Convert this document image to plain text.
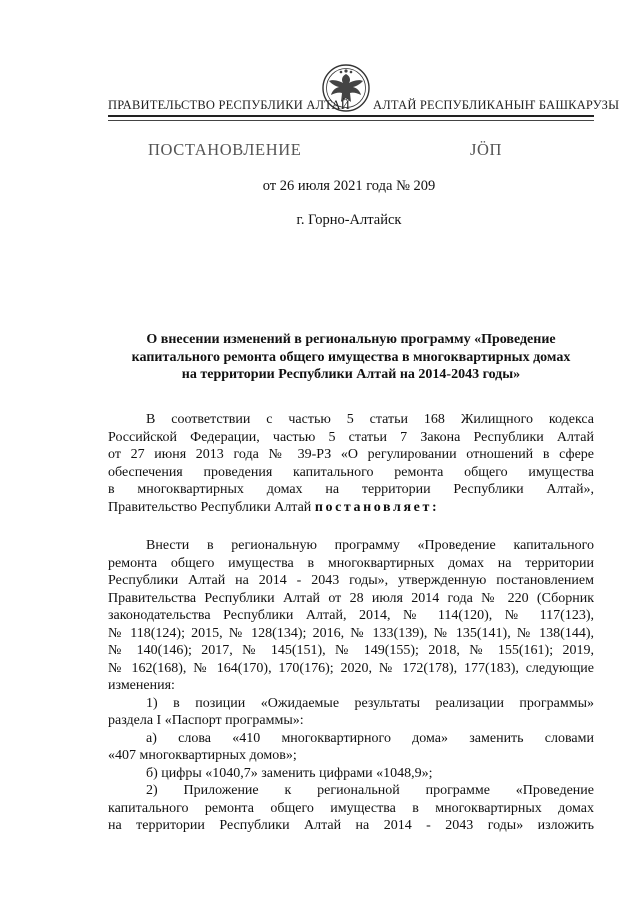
ПРАВИТЕЛЬСТВО РЕСПУБЛИКИ АЛТАЙ АЛТАЙ РЕСПУБЛИКАНЫҤ БАШКАРУЗЫ
ПОСТАНОВЛЕНИЕ	JӦП
от 26 июля 2021 года № 209
г. Горно-Алтайск
О внесении изменений в региональную программу «Проведение
капитального ремонта общего имущества в многоквартирных домах
на территории Республики Алтай на 2014-2043 годы»
В соответствии с частью 5 статьи 168 Жилищного кодекса
Российской Федерации, частью 5 статьи 7 Закона Республики Алтай
от 27 июня 2013 года № 39-РЗ «О регулировании отношений в сфере
обеспечения проведения капитального ремонта общего имущества
в многоквартирных домах на территории Республики Алтай»,
Правительство Республики Алтай постановляет:
Внести в региональную программу «Проведение капитального
ремонта общего имущества в многоквартирных домах на территории
Республики Алтай на 2014 - 2043 годы», утвержденную постановлением
Правительства Республики Алтай от 28 июля 2014 года № 220 (Сборник
законодательства Республики Алтай, 2014, № 114(120), № 117(123),
№ 118(124); 2015, № 128(134); 2016, № 133(139), № 135(141), № 138(144),
№ 140(146); 2017, № 145(151), № 149(155); 2018, № 155(161); 2019,
№ 162(168), № 164(170), 170(176); 2020, № 172(178), 177(183), следующие
изменения:
1) в позиции «Ожидаемые результаты реализации программы»
раздела I «Паспорт программы»:
а) слова «410 многоквартирного дома» заменить словами
«407 многоквартирных домов»;
б) цифры «1040,7» заменить цифрами «1048,9»;
2) Приложение к региональной программе «Проведение
капитального ремонта общего имущества в многоквартирных домах
на территории Республики Алтай на 2014 - 2043 годы» изложить
